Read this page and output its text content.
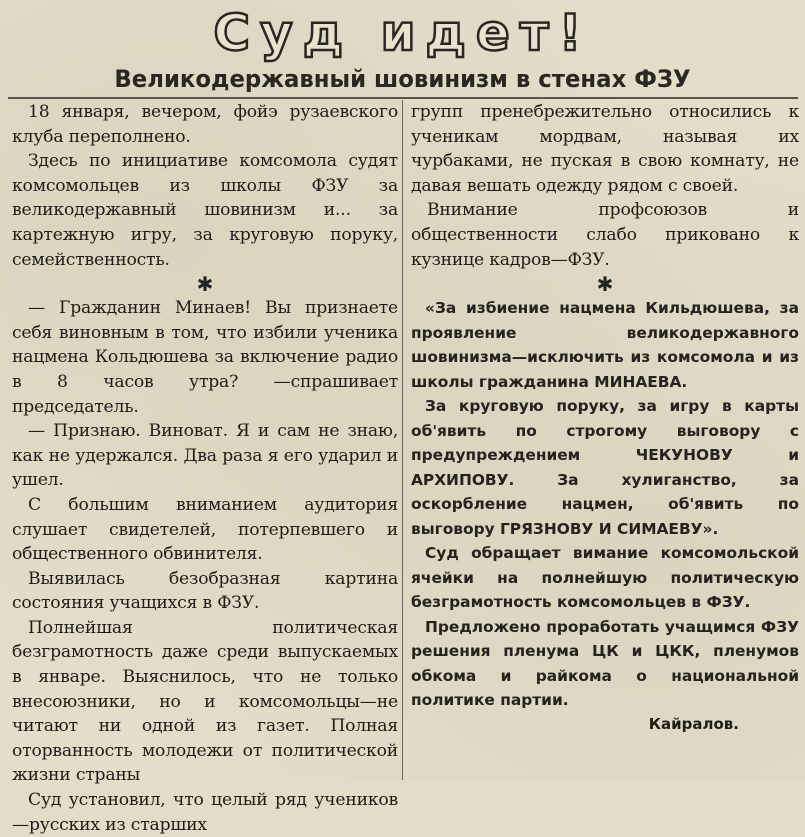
Суд идет!
Великодержавный шовинизм в стенах ФЗУ

18 января, вечером, фойэ рузаевского клуба переполнено.

Здесь по инициативе комсомола судят комсомольцев из школы ФЗУ за великодержавный шовинизм и... за картежную игру, за круговую поруку, семейственность.

✱

— Гражданин Минаев! Вы признаете себя виновным в том, что избили ученика нацмена Кольдюшева за включение радио в 8 часов утра? —спрашивает председатель.

— Признаю. Виноват. Я и сам не знаю, как не удержался. Два раза я его ударил и ушел.

С большим вниманием аудитория слушает свидетелей, потерпевшего и общественного обвинителя.

Выявилась безобразная картина состояния учащихся в ФЗУ.

Полнейшая политическая безграмотность даже среди выпускаемых в январе. Выяснилось, что не только внесоюзники, но и комсомольцы—не читают ни одной из газет. Полная оторванность молодежи от политической жизни страны

Суд установил, что целый ряд учеников—русских из старших

групп пренебрежительно относились к ученикам мордвам, называя их чурбаками, не пуская в свою комнату, не давая вешать одежду рядом с своей.

Внимание профсоюзов и общественности слабо приковано к кузнице кадров—ФЗУ.

✱

«За избиение нацмена Кильдюшева, за проявление великодержавного шовинизма—исключить из комсомола и из школы гражданина МИНАЕВА.

За круговую поруку, за игру в карты об'явить по строгому выговору с предупреждением ЧЕКУНОВУ и АРХИПОВУ. За хулиганство, за оскорбление нацмен, об'явить по выговору ГРЯЗНОВУ И СИМАЕВУ».

Суд обращает вимание комсомольской ячейки на полнейшую политическую безграмотность комсомольцев в ФЗУ.

Предложено проработать учащимся ФЗУ решения пленума ЦК и ЦКК, пленумов обкома и райкома о национальной политике партии.

Кайралов.
